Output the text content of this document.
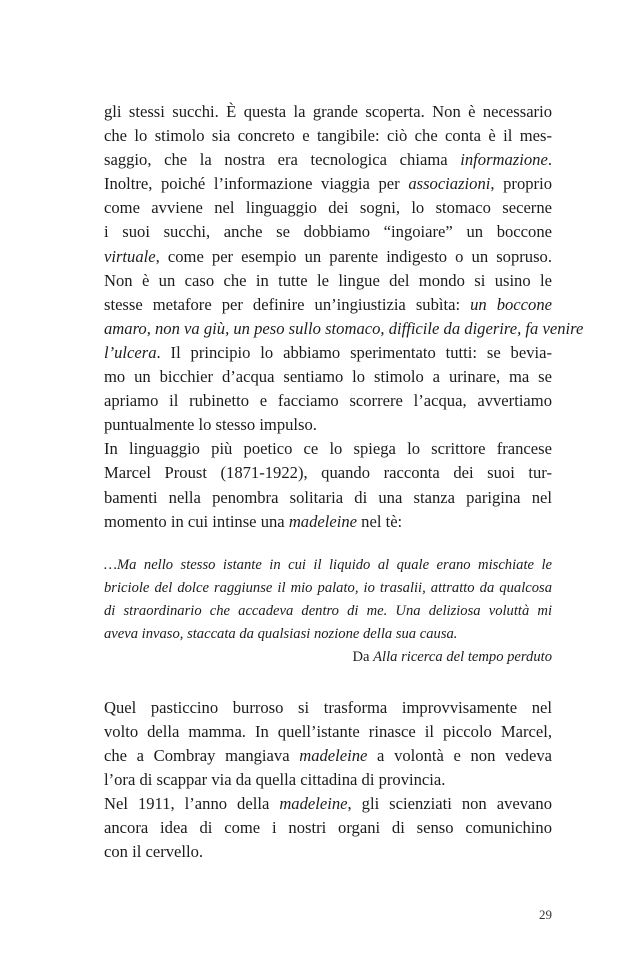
gli stessi succhi. È questa la grande scoperta. Non è necessario
che lo stimolo sia concreto e tangibile: ciò che conta è il mes-
saggio, che la nostra era tecnologica chiama informazione.
Inoltre, poiché l’informazione viaggia per associazioni, proprio
come avviene nel linguaggio dei sogni, lo stomaco secerne
i suoi succhi, anche se dobbiamo “ingoiare” un boccone
virtuale, come per esempio un parente indigesto o un sopruso.
Non è un caso che in tutte le lingue del mondo si usino le
stesse metafore per definire un’ingiustizia subìta: un boccone
amaro, non va giù, un peso sullo stomaco, difficile da digerire, fa venire
l’ulcera. Il principio lo abbiamo sperimentato tutti: se bevia-
mo un bicchier d’acqua sentiamo lo stimolo a urinare, ma se
apriamo il rubinetto e facciamo scorrere l’acqua, avvertiamo
puntualmente lo stesso impulso.
In linguaggio più poetico ce lo spiega lo scrittore francese
Marcel Proust (1871-1922), quando racconta dei suoi tur-
bamenti nella penombra solitaria di una stanza parigina nel
momento in cui intinse una madeleine nel tè:
…Ma nello stesso istante in cui il liquido al quale erano mischiate le
briciole del dolce raggiunse il mio palato, io trasalii, attratto da qualcosa
di straordinario che accadeva dentro di me. Una deliziosa voluttà mi
aveva invaso, staccata da qualsiasi nozione della sua causa.
Da Alla ricerca del tempo perduto
Quel pasticcino burroso si trasforma improvvisamente nel
volto della mamma. In quell’istante rinasce il piccolo Marcel,
che a Combray mangiava madeleine a volontà e non vedeva
l’ora di scappar via da quella cittadina di provincia.
Nel 1911, l’anno della madeleine, gli scienziati non avevano
ancora idea di come i nostri organi di senso comunichino
con il cervello.
29
